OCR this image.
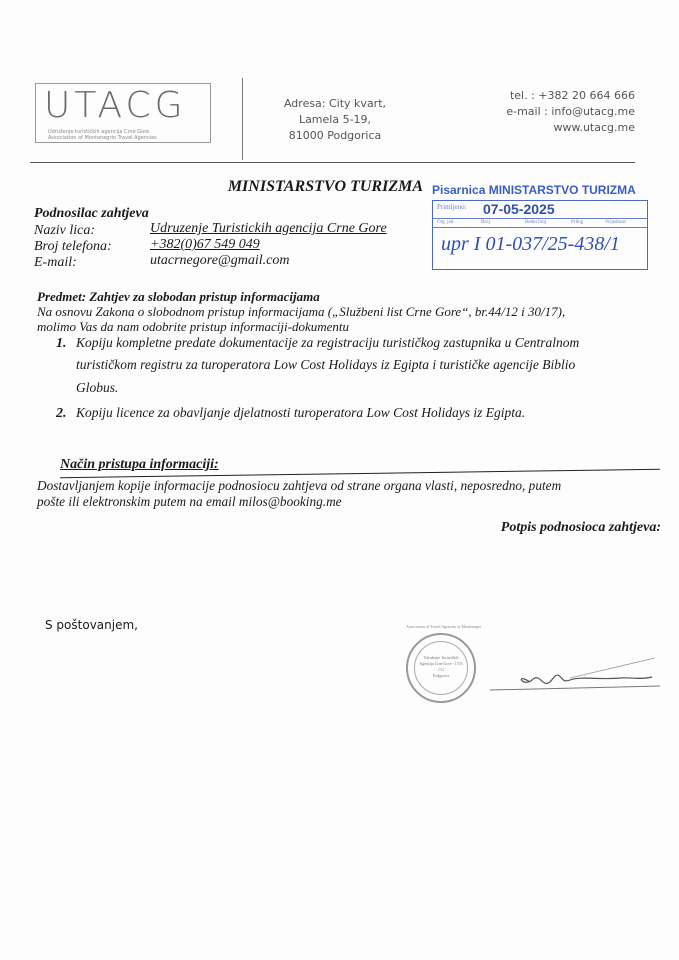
UTACG
Udruženje turističkih agencija Crne Gore
Association of Montenegrin Travel Agencies
Adresa: City kvart,
Lamela 5-19,
81000 Podgorica
tel. : +382 20 664 666
e-mail : info@utacg.me
www.utacg.me
MINISTARSTVO TURIZMA Pisarnica MINISTARSTVO TURIZMA
Primljeno: 07-05-2025
Org. jed.	Broj	Redni broj	Prilog	Vrijednost
upr I 01-037/25-438/1
Podnosilac zahtjeva
Naziv lica:	Udruzenje Turistickih agencija Crne Gore
Broj telefona:	+382(0)67 549 049
E-mail:	utacrnegore@gmail.com
Predmet: Zahtjev za slobodan pristup informacijama
Na osnovu Zakona o slobodnom pristup informacijama („Službeni list Crne Gore“, br.44/12 i 30/17),
molimo Vas da nam odobrite pristup informaciji-dokumentu
1. Kopiju kompletne predate dokumentacije za registraciju turističkog zastupnika u Centralnom
turističkom registru za turoperatora Low Cost Holidays iz Egipta i turističke agencije Biblio
Globus.
2. Kopiju licence za obavljanje djelatnosti turoperatora Low Cost Holidays iz Egipta.
Način pristupa informaciji:
Dostavljanjem kopije informacije podnosiocu zahtjeva od strane organa vlasti, neposredno, putem
pošte ili elektronskim putem na email milos@booking.me
Potpis podnosioca zahtjeva:
S poštovanjem,	Association of Travel Agencies of Montenegro
Udruženje Turističkih
Agencija Crne Gore - UTA CG
Podgorica
